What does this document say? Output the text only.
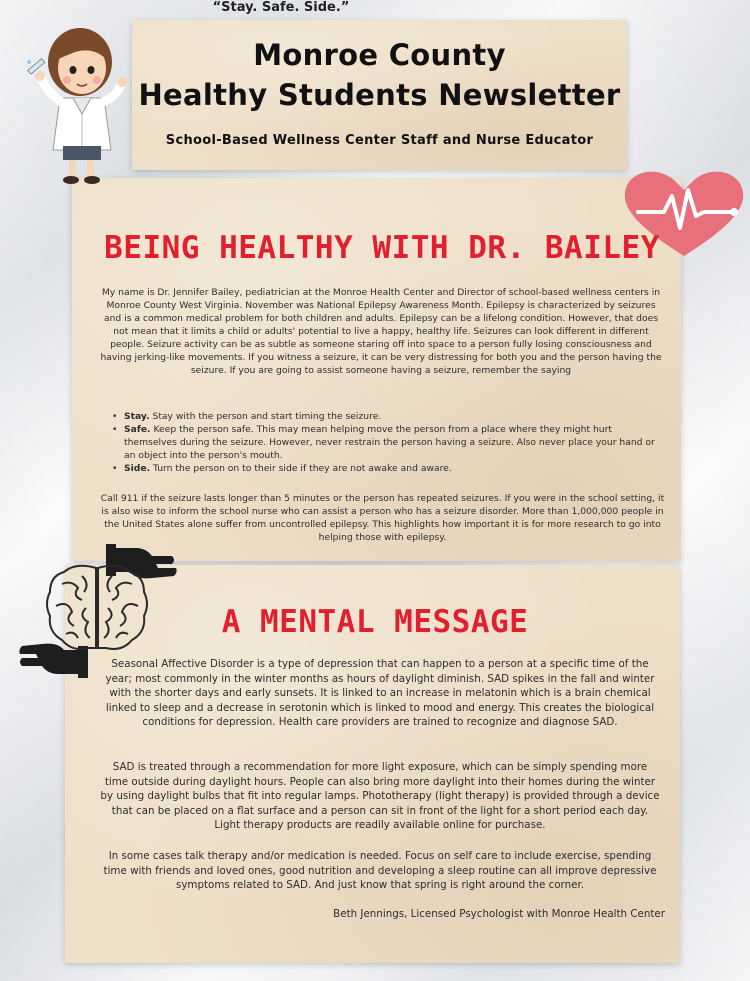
Monroe County
Healthy Students Newsletter
School-Based Wellness Center Staff and Nurse Educator
BEING HEALTHY WITH DR. BAILEY
My name is Dr. Jennifer Bailey, pediatrician at the Monroe Health Center and Director of school-based wellness centers in Monroe County West Virginia. November was National Epilepsy Awareness Month. Epilepsy is characterized by seizures and is a common medical problem for both children and adults. Epilepsy can be a lifelong condition. However, that does not mean that it limits a child or adults' potential to live a happy, healthy life. Seizures can look different in different people. Seizure activity can be as subtle as someone staring off into space to a person fully losing consciousness and having jerking-like movements. If you witness a seizure, it can be very distressing for both you and the person having the seizure. If you are going to assist someone having a seizure, remember the saying
“Stay. Safe. Side.”
• Stay. Stay with the person and start timing the seizure.
• Safe. Keep the person safe. This may mean helping move the person from a place where they might hurt themselves during the seizure. However, never restrain the person having a seizure. Also never place your hand or an object into the person's mouth.
• Side. Turn the person on to their side if they are not awake and aware.
Call 911 if the seizure lasts longer than 5 minutes or the person has repeated seizures. If you were in the school setting, it is also wise to inform the school nurse who can assist a person who has a seizure disorder. More than 1,000,000 people in the United States alone suffer from uncontrolled epilepsy. This highlights how important it is for more research to go into helping those with epilepsy.
A MENTAL MESSAGE
Seasonal Affective Disorder is a type of depression that can happen to a person at a specific time of the year; most commonly in the winter months as hours of daylight diminish. SAD spikes in the fall and winter with the shorter days and early sunsets. It is linked to an increase in melatonin which is a brain chemical linked to sleep and a decrease in serotonin which is linked to mood and energy. This creates the biological conditions for depression. Health care providers are trained to recognize and diagnose SAD.
SAD is treated through a recommendation for more light exposure, which can be simply spending more time outside during daylight hours. People can also bring more daylight into their homes during the winter by using daylight bulbs that fit into regular lamps. Phototherapy (light therapy) is provided through a device that can be placed on a flat surface and a person can sit in front of the light for a short period each day. Light therapy products are readily available online for purchase.
In some cases talk therapy and/or medication is needed. Focus on self care to include exercise, spending time with friends and loved ones, good nutrition and developing a sleep routine can all improve depressive symptoms related to SAD. And just know that spring is right around the corner.
Beth Jennings, Licensed Psychologist with Monroe Health Center
